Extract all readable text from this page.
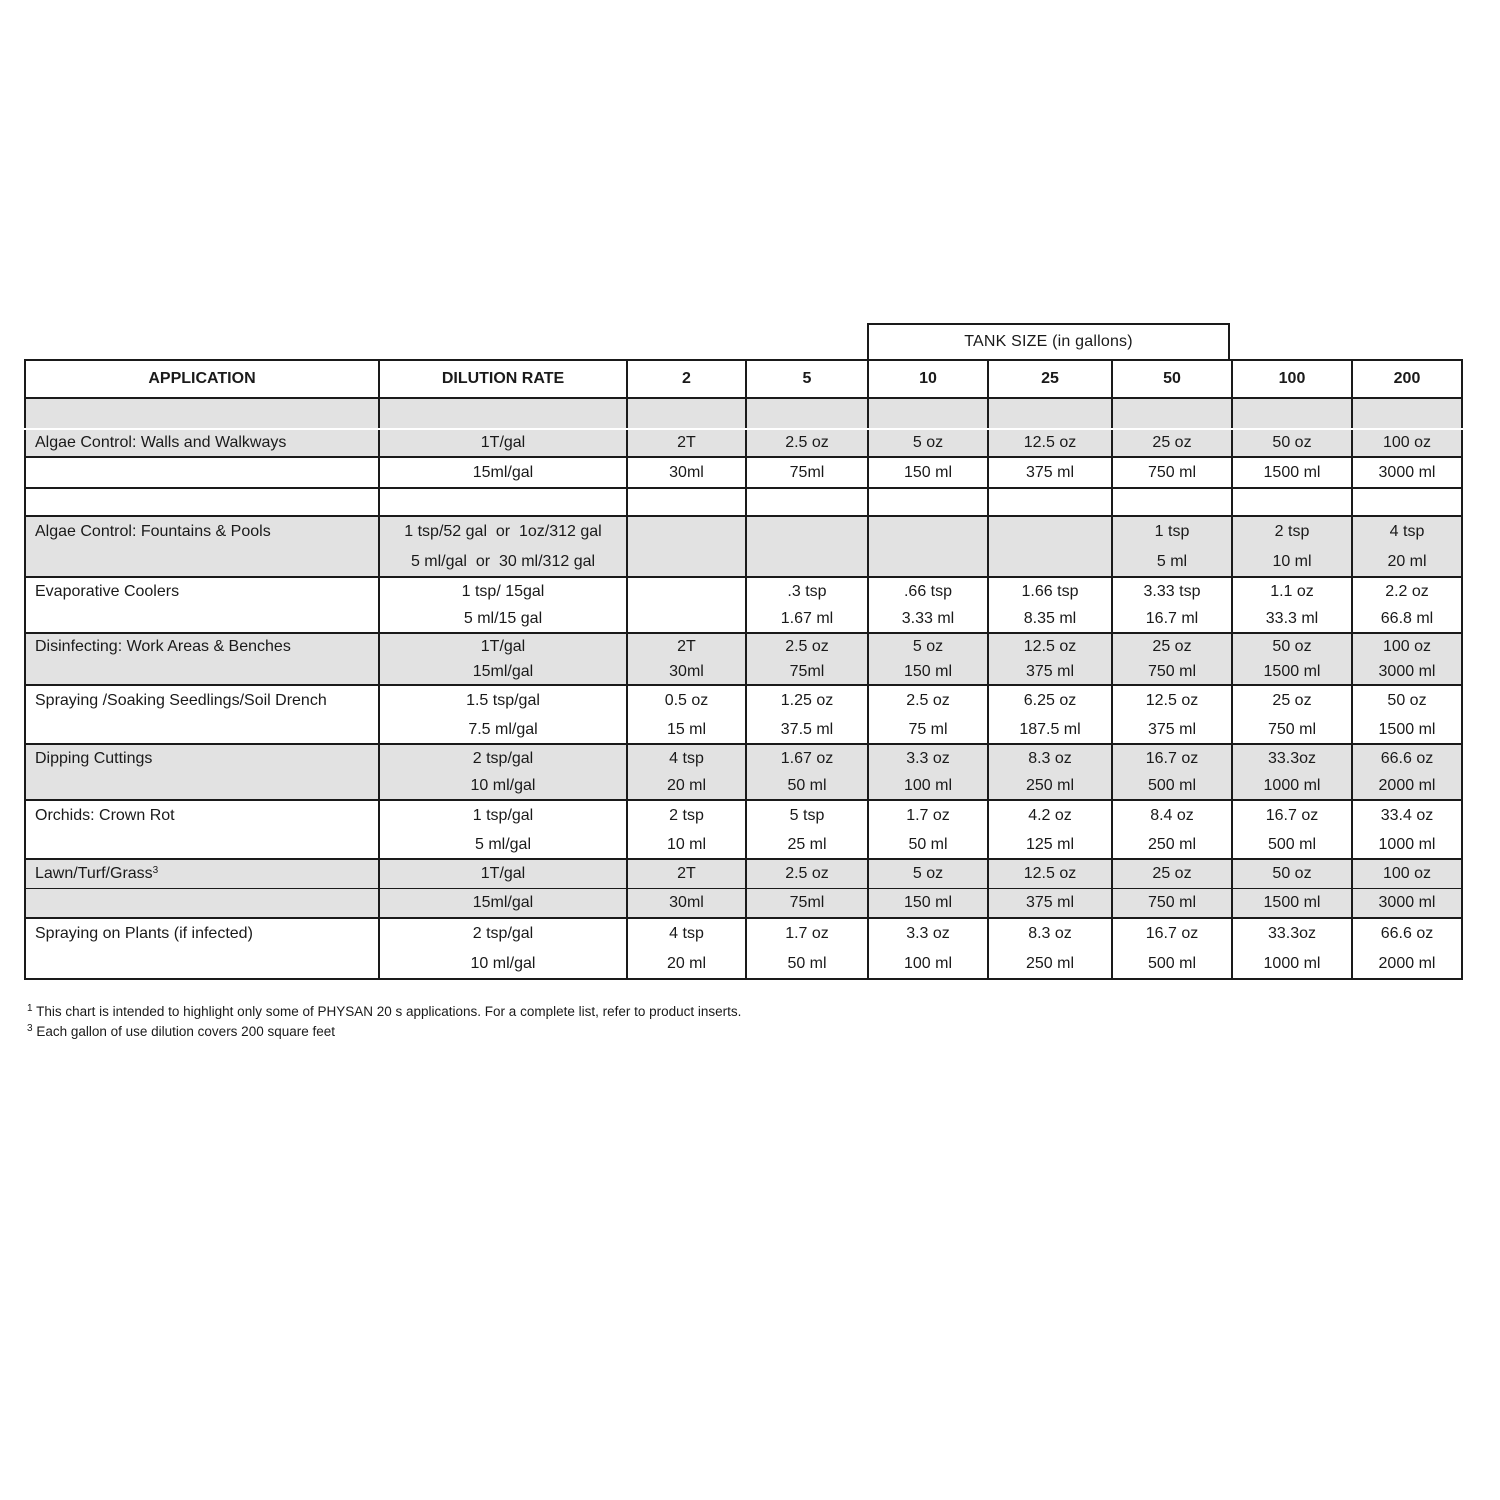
TANK SIZE (in gallons)
APPLICATION	DILUTION RATE	2	5	10	25	50	100	200

Algae Control: Walls and Walkways	1T/gal	2T	2.5 oz	5 oz	12.5 oz	25 oz	50 oz	100 oz
	15ml/gal	30ml	75ml	150 ml	375 ml	750 ml	1500 ml	3000 ml

Algae Control: Fountains & Pools	1 tsp/52 gal  or  1oz/312 gal					1 tsp	2 tsp	4 tsp
	5 ml/gal  or  30 ml/312 gal					5 ml	10 ml	20 ml
Evaporative Coolers	1 tsp/ 15gal		.3 tsp	.66 tsp	1.66 tsp	3.33 tsp	1.1 oz	2.2 oz
	5 ml/15 gal		1.67 ml	3.33 ml	8.35 ml	16.7 ml	33.3 ml	66.8 ml
Disinfecting: Work Areas & Benches	1T/gal	2T	2.5 oz	5 oz	12.5 oz	25 oz	50 oz	100 oz
	15ml/gal	30ml	75ml	150 ml	375 ml	750 ml	1500 ml	3000 ml
Spraying /Soaking Seedlings/Soil Drench	1.5 tsp/gal	0.5 oz	1.25 oz	2.5 oz	6.25 oz	12.5 oz	25 oz	50 oz
	7.5 ml/gal	15 ml	37.5 ml	75 ml	187.5 ml	375 ml	750 ml	1500 ml
Dipping Cuttings	2 tsp/gal	4 tsp	1.67 oz	3.3 oz	8.3 oz	16.7 oz	33.3oz	66.6 oz
	10 ml/gal	20 ml	50 ml	100 ml	250 ml	500 ml	1000 ml	2000 ml
Orchids: Crown Rot	1 tsp/gal	2 tsp	5 tsp	1.7 oz	4.2 oz	8.4 oz	16.7 oz	33.4 oz
	5 ml/gal	10 ml	25 ml	50 ml	125 ml	250 ml	500 ml	1000 ml
Lawn/Turf/Grass$^3$	1T/gal	2T	2.5 oz	5 oz	12.5 oz	25 oz	50 oz	100 oz
	15ml/gal	30ml	75ml	150 ml	375 ml	750 ml	1500 ml	3000 ml
Spraying on Plants (if infected)	2 tsp/gal	4 tsp	1.7 oz	3.3 oz	8.3 oz	16.7 oz	33.3oz	66.6 oz
	10 ml/gal	20 ml	50 ml	100 ml	250 ml	500 ml	1000 ml	2000 ml
$^1$ This chart is intended to highlight only some of PHYSAN 20 s applications. For a complete list, refer to product inserts.
$^3$ Each gallon of use dilution covers 200 square feet
